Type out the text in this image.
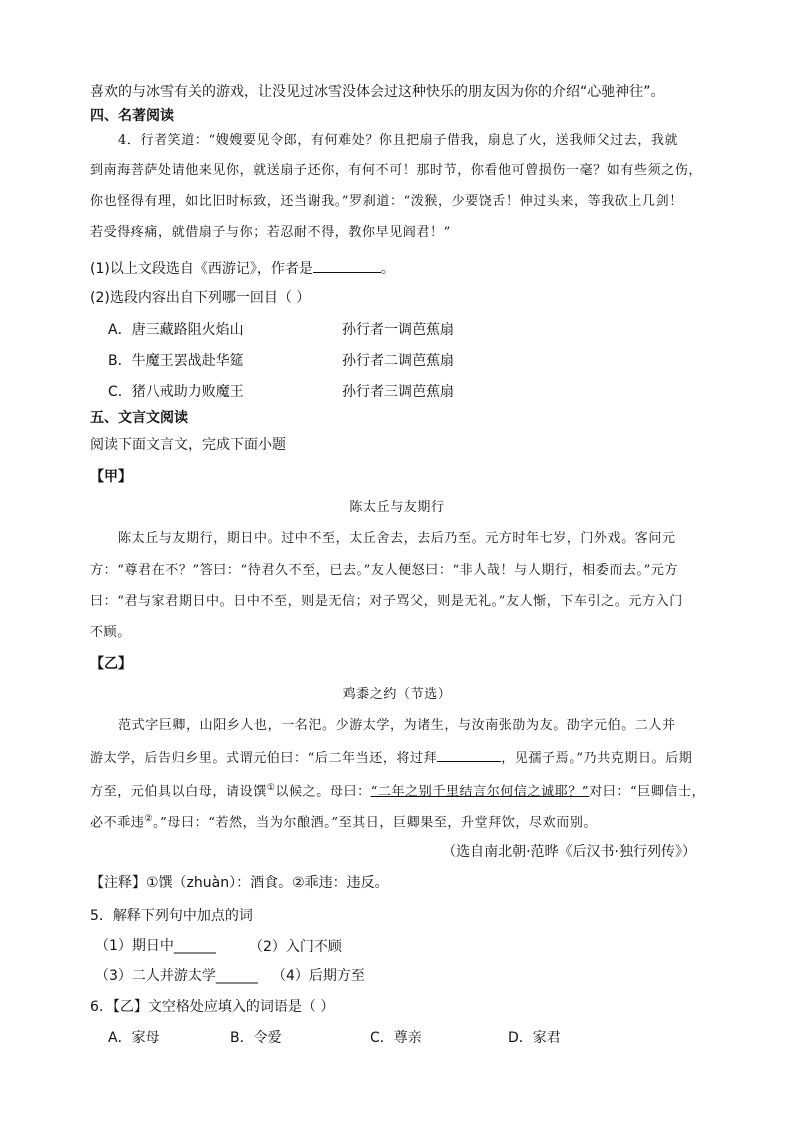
喜欢的与冰雪有关的游戏，让没见过冰雪没体会过这种快乐的朋友因为你的介绍“心驰神往”。
四、名著阅读
4．行者笑道：“嫂嫂要见令郎，有何难处？你且把扇子借我，扇息了火，送我师父过去，我就
到南海菩萨处请他来见你，就送扇子还你，有何不可！那时节，你看他可曾损伤一毫？如有些须之伤，
你也怪得有理，如比旧时标致，还当谢我。”罗刹道：“泼猴，少要饶舌！伸过头来，等我砍上几剑！
若受得疼痛，就借扇子与你；若忍耐不得，教你早见阎君！”
(1)以上文段选自《西游记》，作者是	。
(2)选段内容出自下列哪一回目（ ）
A．唐三藏路阻火焰山	孙行者一调芭蕉扇
B．牛魔王罢战赴华筵	孙行者二调芭蕉扇
C．猪八戒助力败魔王	孙行者三调芭蕉扇
五、文言文阅读
阅读下面文言文，完成下面小题
【甲】
陈太丘与友期行
陈太丘与友期行，期日中。过中不至，太丘舍去，去后乃至。元方时年七岁，门外戏。客问元
方：“尊君在不？”答曰：“待君久不至，已去。”友人便怒曰：“非人哉！与人期行，相委而去。”元方
曰：“君与家君期日中。日中不至，则是无信；对子骂父，则是无礼。”友人惭，下车引之。元方入门
不顾。
【乙】
鸡黍之约（节选）
范式字巨卿，山阳乡人也，一名汜。少游太学，为诸生，与汝南张劭为友。劭字元伯。二人并
游太学，后告归乡里。式谓元伯曰：“后二年当还，将过拜	，见孺子焉。”乃共克期日。后期
方至，元伯具以白母，请设馔①以候之。母曰：“二年之别千里结言尔何信之诚耶？”对曰：“巨卿信士，
必不乖违②。”母曰：“若然，当为尔酿酒。”至其日，巨卿果至，升堂拜饮，尽欢而别。
（选自南北朝·范晔《后汉书·独行列传》）
【注释】①馔（zhuàn）：酒食。②乖违：违反。
5．解释下列句中加点的词
（1）期日中______ （2）入门不顾
（3）二人并游太学______ （4）后期方至
6．【乙】文空格处应填入的词语是（ ）
A．家母	B．令爱	C．尊亲	D．家君
